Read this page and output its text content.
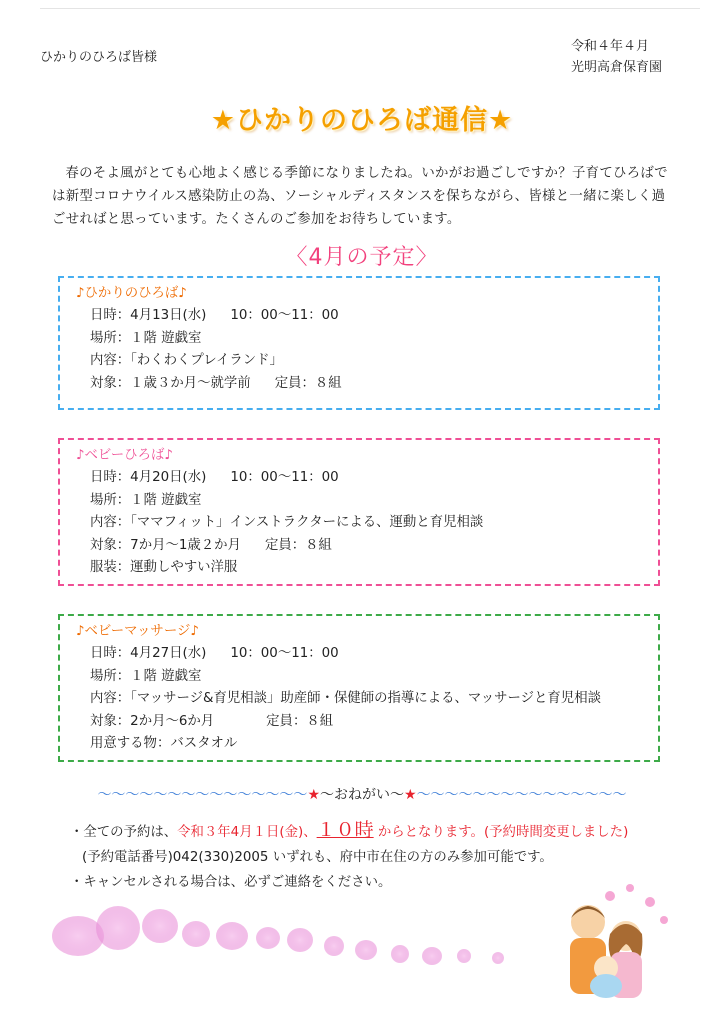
ひかりのひろば皆様
令和４年４月
光明高倉保育園
★ひかりのひろば通信★

春のそよ風がとても心地よく感じる季節になりましたね。いかがお過ごしですか？子育てひろばでは新型コロナウイルス感染防止の為、ソーシャルディスタンスを保ちながら、皆様と一緒に楽しく過ごせればと思っています。たくさんのご参加をお待ちしています。

〈4月の予定〉
♪ひかりのひろば♪
日時：4月13日(水) 10：00〜11：00
場所：１階 遊戯室
内容：「わくわくプレイランド」
対象：１歳３か月〜就学前 定員：８組
♪ベビーひろば♪
日時：4月20日(水) 10：00〜11：00
場所：１階 遊戯室
内容：「ママフィット」インストラクターによる、運動と育児相談
対象：7か月〜1歳２か月 定員：８組
服装：運動しやすい洋服
♪ベビーマッサージ♪
日時：4月27日(水) 10：00〜11：00
場所：１階 遊戯室
内容：「マッサージ&育児相談」助産師・保健師の指導による、マッサージと育児相談
対象：2か月〜6か月	定員：８組
用意する物：バスタオル
〜〜〜〜〜〜〜〜〜〜〜〜〜〜〜★〜おねがい〜★〜〜〜〜〜〜〜〜〜〜〜〜〜〜〜
・全ての予約は、令和３年4月１日(金)、１０時 からとなります。(予約時間変更しました)
(予約電話番号)042(330)2005 いずれも、府中市在住の方のみ参加可能です。
・キャンセルされる場合は、必ずご連絡をください。
